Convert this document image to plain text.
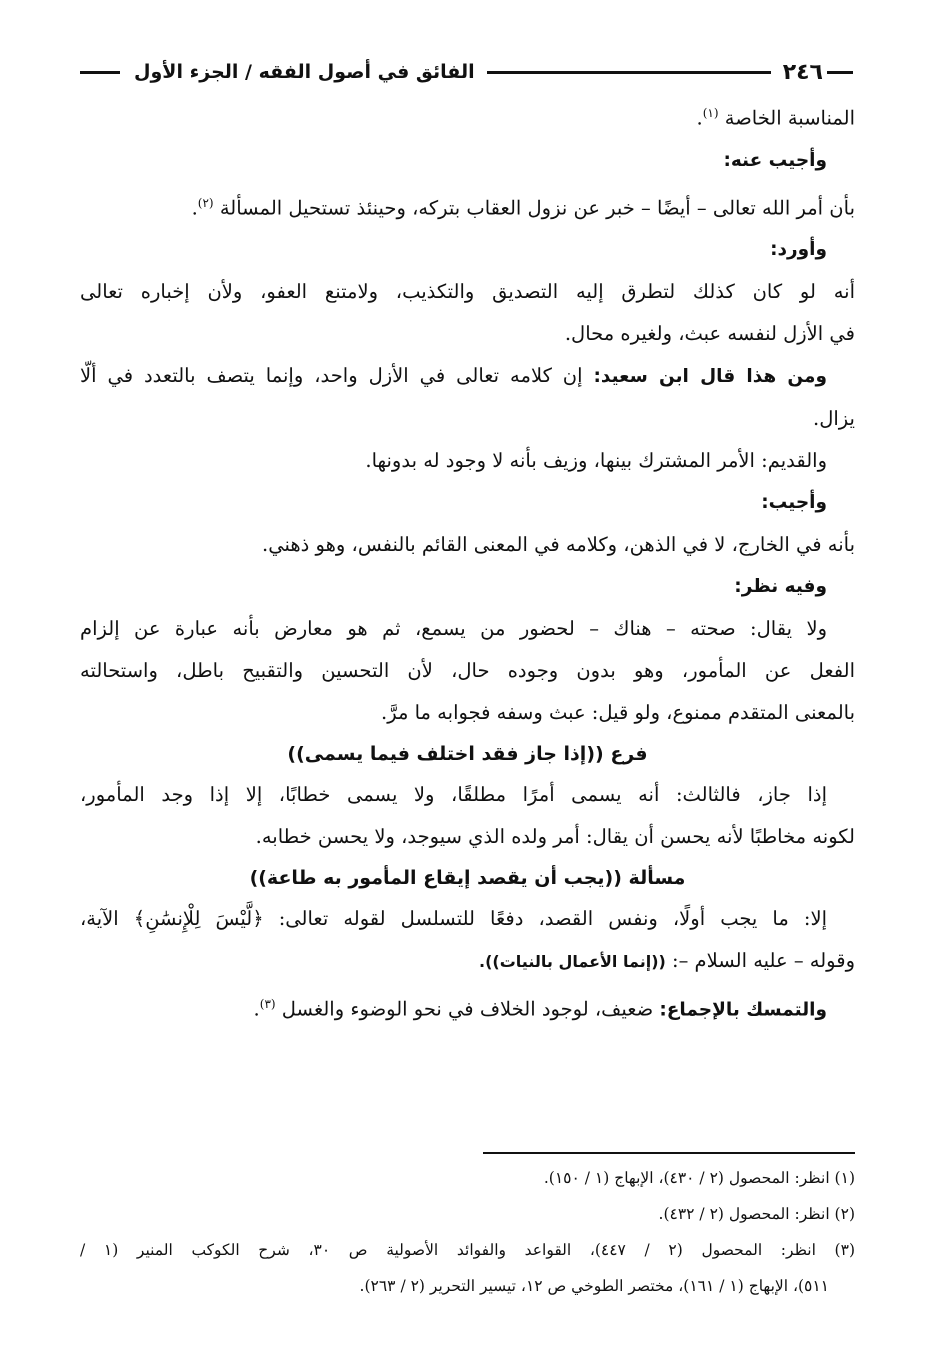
٢٤٦
الفائق في أصول الفقه / الجزء الأول
المناسبة الخاصة $^{(١)}$.
وأجيب عنه:
بأن أمر الله تعالى – أيضًا – خبر عن نزول العقاب بتركه، وحينئذ تستحيل المسألة $^{(٢)}$.
وأورد:
أنه لو كان كذلك لتطرق إليه التصديق والتكذيب، ولامتنع العفو، ولأن إخباره تعالى
في الأزل لنفسه عبث، ولغيره محال.
ومن هذا قال ابن سعيد: إن كلامه تعالى في الأزل واحد، وإنما يتصف بالتعدد في ألّا
يزال.
والقديم: الأمر المشترك بينها، وزيف بأنه لا وجود له بدونها.
وأجيب:
بأنه في الخارج، لا في الذهن، وكلامه في المعنى القائم بالنفس، وهو ذهني.
وفيه نظر:
ولا يقال: صحته – هناك – لحضور من يسمع، ثم هو معارض بأنه عبارة عن إلزام
الفعل عن المأمور، وهو بدون وجوده حال، لأن التحسين والتقبيح باطل، واستحالته
بالمعنى المتقدم ممنوع، ولو قيل: عبث وسفه فجوابه ما مرَّ.
فرع ((إذا جاز فقد اختلف فيما يسمى))
إذا جاز، فالثالث: أنه يسمى أمرًا مطلقًا، ولا يسمى خطابًا، إلا إذا وجد المأمور،
لكونه مخاطبًا لأنه يحسن أن يقال: أمر ولده الذي سيوجد، ولا يحسن خطابه.
مسألة ((يجب أن يقصد إيقاع المأمور به طاعة))
إلا: ما يجب أولًا، ونفس القصد، دفعًا للتسلسل لقوله تعالى: ﴿لَّيْسَ لِلْإِنسَٰنِ﴾ الآية،
وقوله – عليه السلام –: ((إنما الأعمال بالنيات)).
والتمسك بالإجماع: ضعيف، لوجود الخلاف في نحو الوضوء والغسل $^{(٣)}$.
(١) انظر: المحصول (٢ / ٤٣٠)، الإبهاج (١ / ١٥٠).
(٢) انظر: المحصول (٢ / ٤٣٢).
(٣) انظر: المحصول (٢ / ٤٤٧)، القواعد والفوائد الأصولية ص ٣٠، شرح الكوكب المنير (١ /
٥١١)، الإبهاج (١ / ١٦١)، مختصر الطوخي ص ١٢، تيسير التحرير (٢ / ٢٦٣).
